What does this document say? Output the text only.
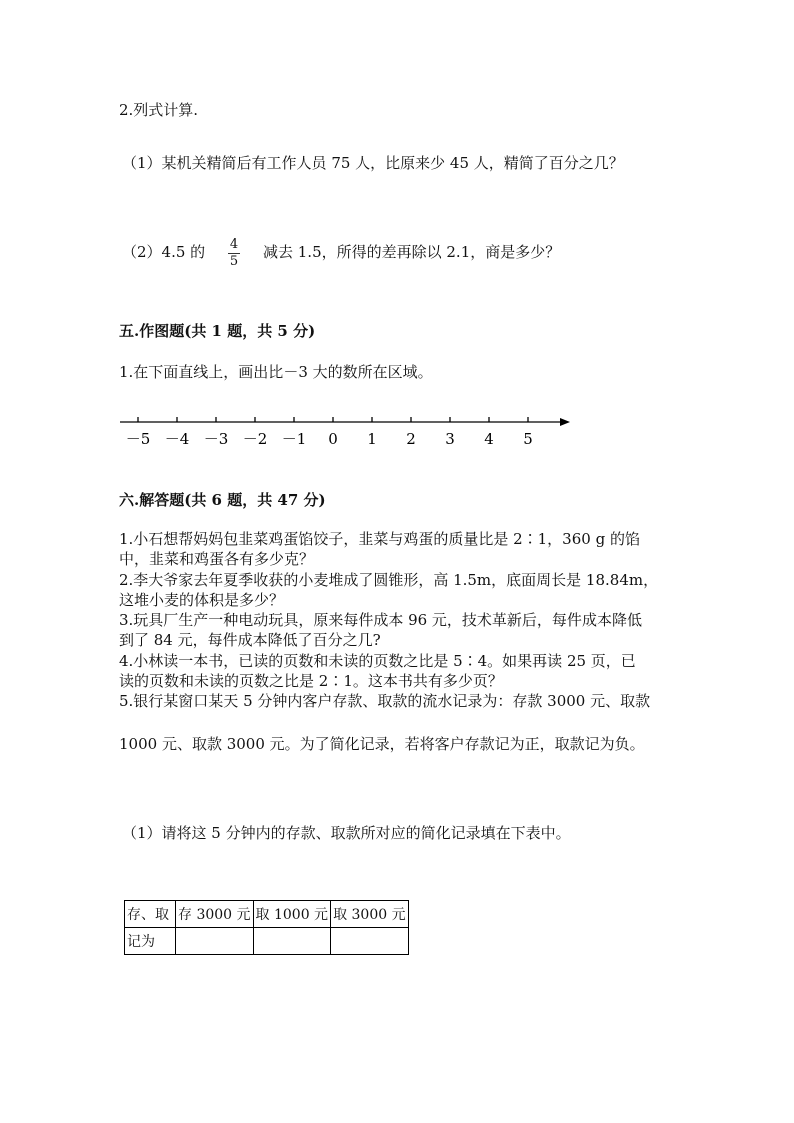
2.列式计算.
（1）某机关精简后有工作人员 75 人，比原来少 45 人，精简了百分之几？
（2）4.5 的 4
5
减去 1.5，所得的差再除以 2.1，商是多少？
五.作图题(共 1 题，共 5 分)
1.在下面直线上，画出比－3 大的数所在区域。
－5 －4 －3 －2 －1 0 1 2 3 4 5
六.解答题(共 6 题，共 47 分)
1.小石想帮妈妈包韭菜鸡蛋馅饺子，韭菜与鸡蛋的质量比是 2∶1，360 g 的馅
中，韭菜和鸡蛋各有多少克？
2.李大爷家去年夏季收获的小麦堆成了圆锥形，高 1.5m，底面周长是 18.84m，
这堆小麦的体积是多少？
3.玩具厂生产一种电动玩具，原来每件成本 96 元，技术革新后，每件成本降低
到了 84 元，每件成本降低了百分之几?
4.小林读一本书，已读的页数和未读的页数之比是 5∶4。如果再读 25 页，已
读的页数和未读的页数之比是 2∶1。这本书共有多少页？
5.银行某窗口某天 5 分钟内客户存款、取款的流水记录为：存款 3000 元、取款
1000 元、取款 3000 元。为了简化记录，若将客户存款记为正，取款记为负。
（1）请将这 5 分钟内的存款、取款所对应的简化记录填在下表中。
存、取	存 3000 元	取 1000 元	取 3000 元
记为			
